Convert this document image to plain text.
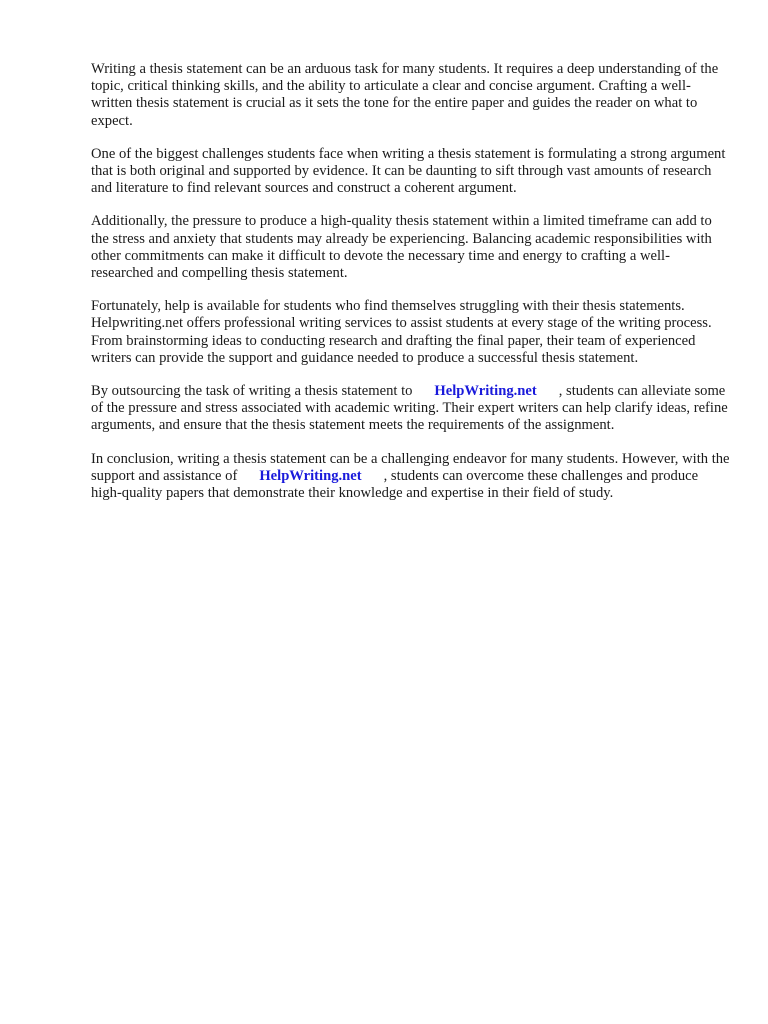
Writing a thesis statement can be an arduous task for many students. It requires a deep understanding of the topic, critical thinking skills, and the ability to articulate a clear and concise argument. Crafting a well-written thesis statement is crucial as it sets the tone for the entire paper and guides the reader on what to expect.

One of the biggest challenges students face when writing a thesis statement is formulating a strong argument that is both original and supported by evidence. It can be daunting to sift through vast amounts of research and literature to find relevant sources and construct a coherent argument.

Additionally, the pressure to produce a high-quality thesis statement within a limited timeframe can add to the stress and anxiety that students may already be experiencing. Balancing academic responsibilities with other commitments can make it difficult to devote the necessary time and energy to crafting a well-researched and compelling thesis statement.

Fortunately, help is available for students who find themselves struggling with their thesis statements. Helpwriting.net offers professional writing services to assist students at every stage of the writing process. From brainstorming ideas to conducting research and drafting the final paper, their team of experienced writers can provide the support and guidance needed to produce a successful thesis statement.

By outsourcing the task of writing a thesis statement to HelpWriting.net , students can alleviate some of the pressure and stress associated with academic writing. Their expert writers can help clarify ideas, refine arguments, and ensure that the thesis statement meets the requirements of the assignment.

In conclusion, writing a thesis statement can be a challenging endeavor for many students. However, with the support and assistance of HelpWriting.net , students can overcome these challenges and produce high-quality papers that demonstrate their knowledge and expertise in their field of study.
